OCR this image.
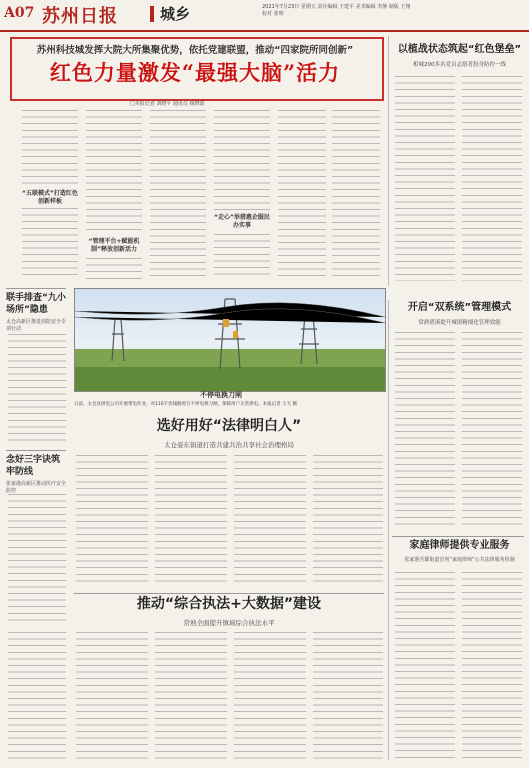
A07 苏州日报	城乡	2021年7月23日 星期五 责任编辑 王建平 美术编辑 李静 制版 王翔 校对 张明
苏州科技城发挥大院大所集聚优势，依托党建联盟，推动“四家院所同创新”
红色力量激发“最强大脑”活力
□本报记者 刘晓平 通讯员 杨晓波
“五联模式”打造红色创新样板
“管理平台+赋能机制”释放创新活力
“走心”举措惠企服民办实事
以植战状态筑起“红色堡垒”
相城200多名党员志愿者投身防控一线
联手排查“九小场所”隐患
太仓高新区推进消防安全专项行动
念好三字诀筑牢防线
张家港高新区推动医疗安全防控
不停电换刀闸
日前，太仓县供电公司开展带电作业，对110千伏线路进行不停电换刀闸，保障用户正常供电。本报记者 王天 摄
选好用好“法律明白人”
太仓姿东街道打造共建共治共享社会治理格局
开启“双系统”管理模式
常熟碧溪提升城镇精细化管理效能
家庭律师提供专业服务
张家港吾都街道首创“家庭律师”公共法律服务机制
推动“综合执法+大数据”建设
常熟全面提升镇域综合执法水平
